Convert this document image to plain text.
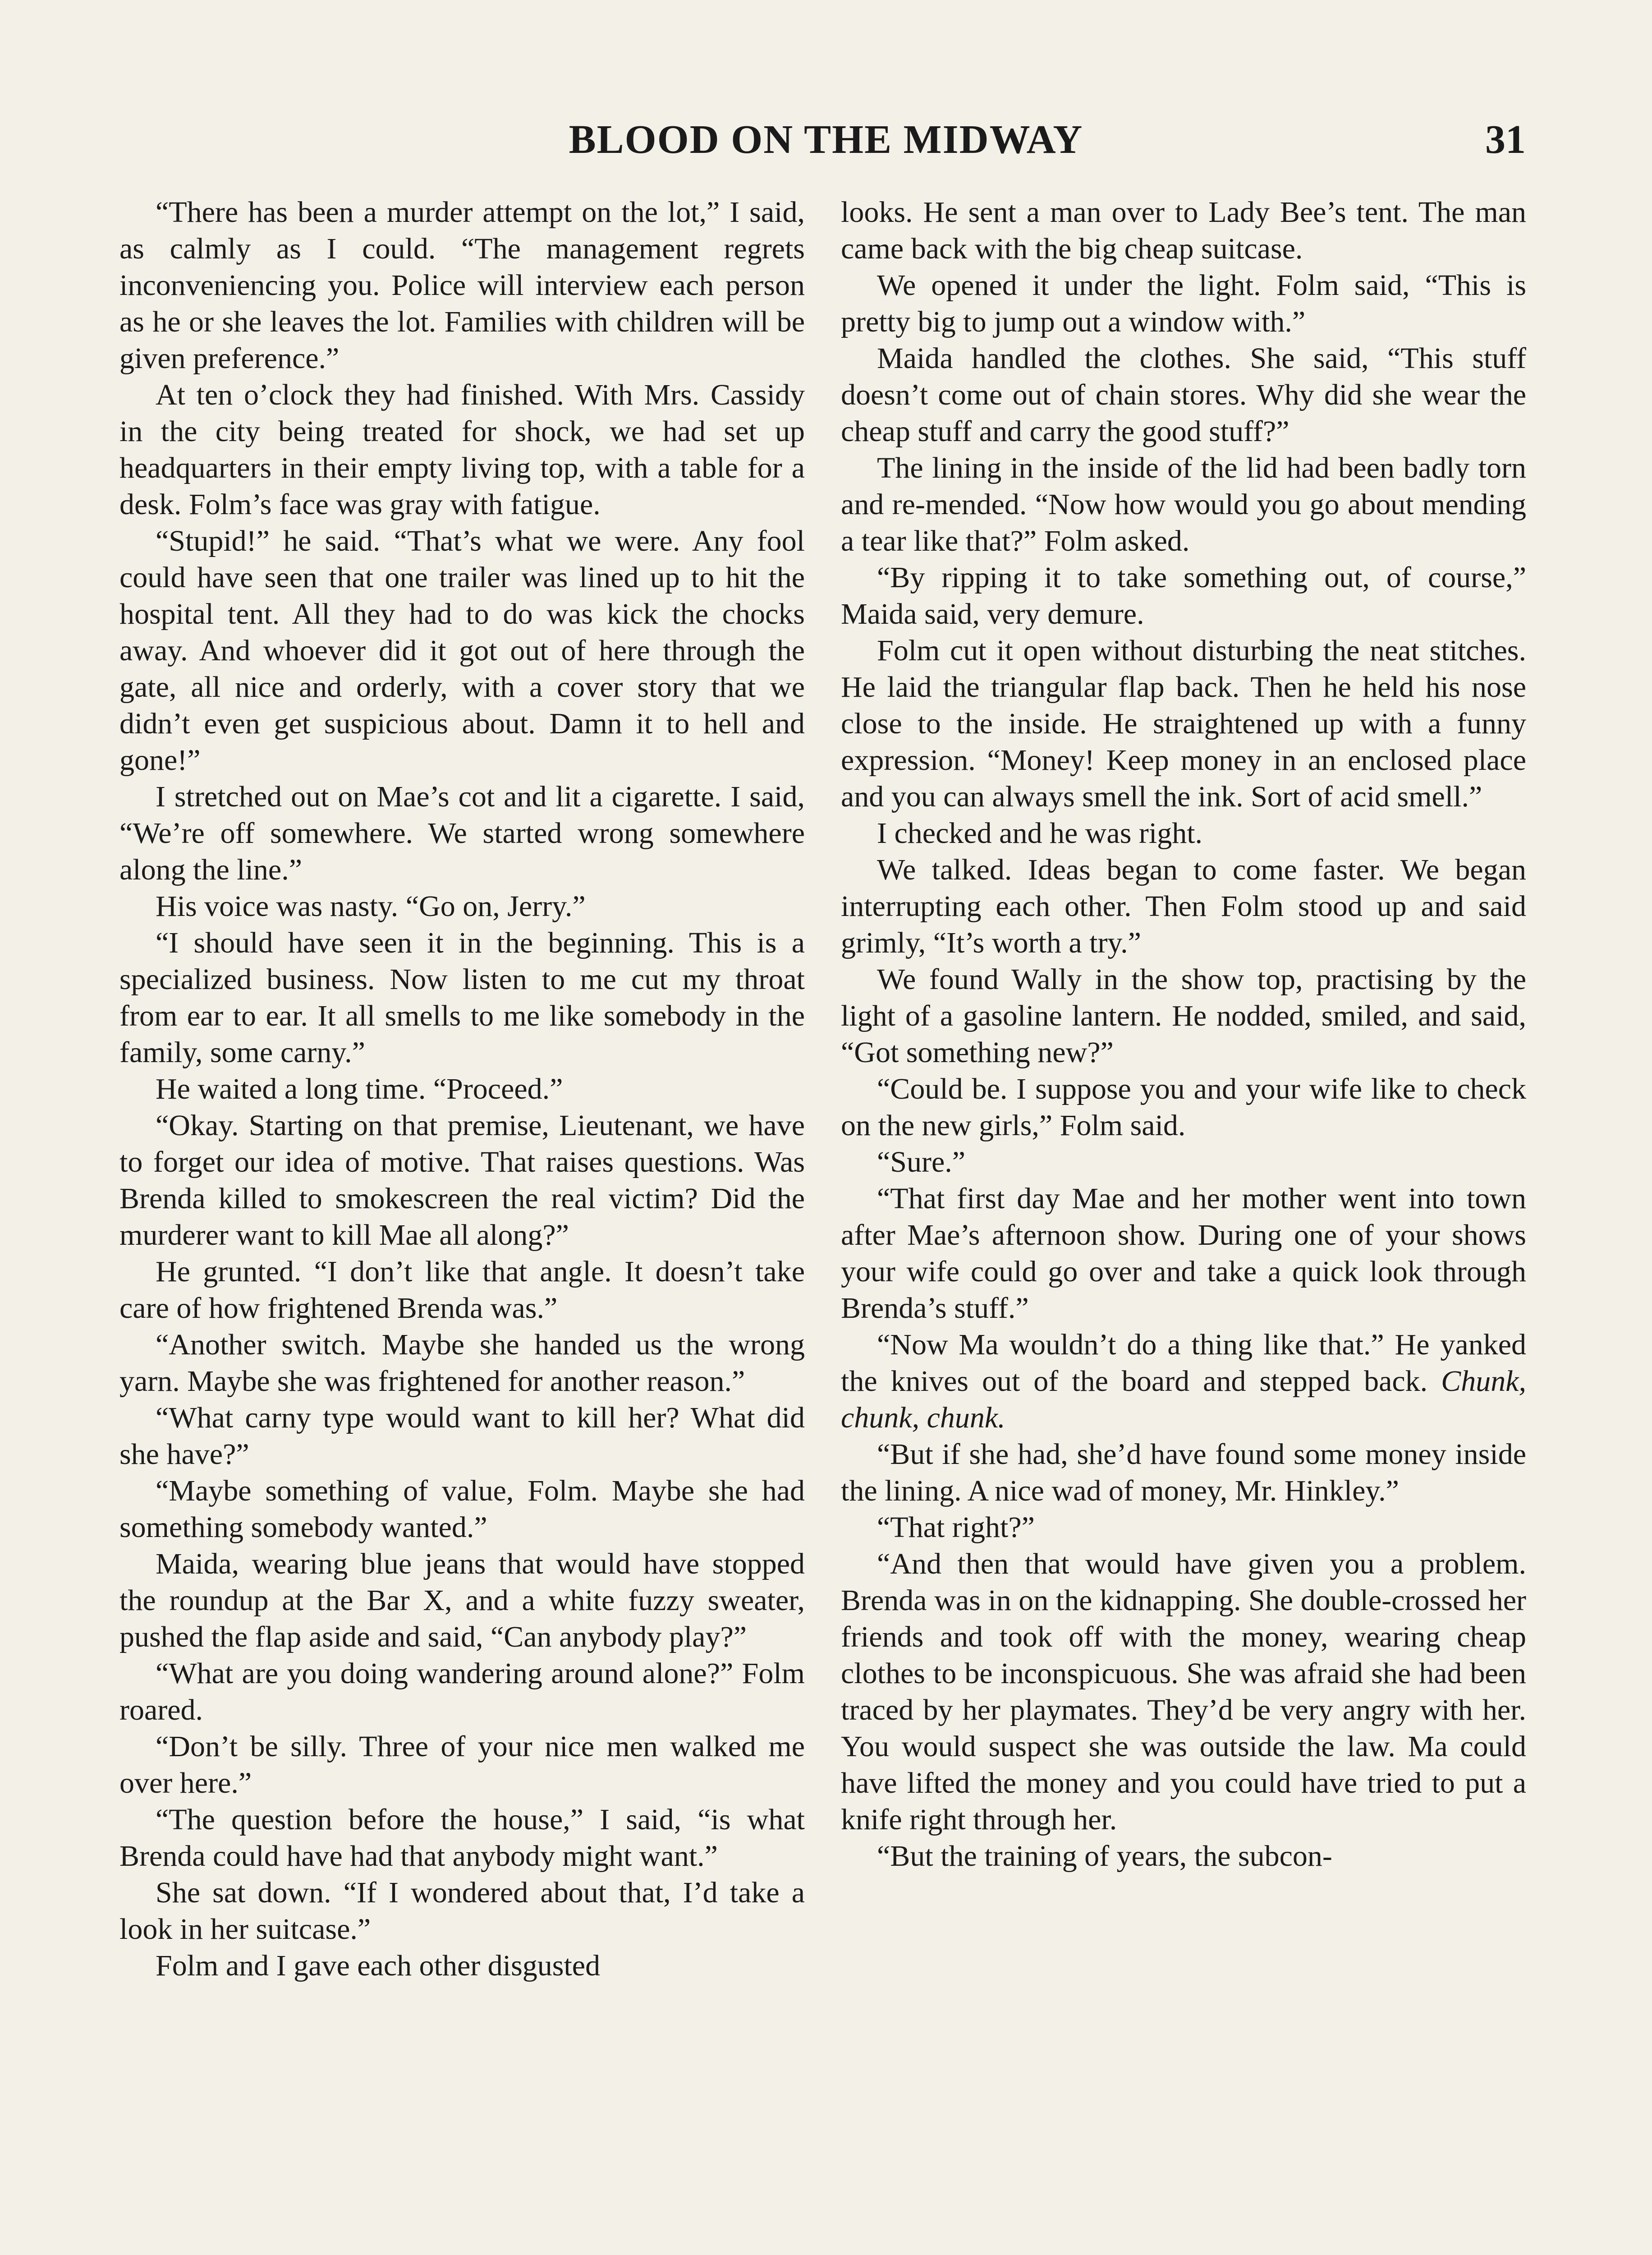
BLOOD ON THE MIDWAY	31

“There has been a murder attempt on the lot,” I said, as calmly as I could. “The management regrets inconveniencing you. Police will interview each person as he or she leaves the lot. Families with children will be given preference.”

At ten o’clock they had finished. With Mrs. Cassidy in the city being treated for shock, we had set up headquarters in their empty living top, with a table for a desk. Folm’s face was gray with fatigue.

“Stupid!” he said. “That’s what we were. Any fool could have seen that one trailer was lined up to hit the hospital tent. All they had to do was kick the chocks away. And whoever did it got out of here through the gate, all nice and orderly, with a cover story that we didn’t even get suspicious about. Damn it to hell and gone!”

I stretched out on Mae’s cot and lit a cigarette. I said, “We’re off somewhere. We started wrong somewhere along the line.”

His voice was nasty. “Go on, Jerry.”

“I should have seen it in the beginning. This is a specialized business. Now listen to me cut my throat from ear to ear. It all smells to me like somebody in the family, some carny.”

He waited a long time. “Proceed.”

“Okay. Starting on that premise, Lieutenant, we have to forget our idea of motive. That raises questions. Was Brenda killed to smokescreen the real victim? Did the murderer want to kill Mae all along?”

He grunted. “I don’t like that angle. It doesn’t take care of how frightened Brenda was.”

“Another switch. Maybe she handed us the wrong yarn. Maybe she was frightened for another reason.”

“What carny type would want to kill her? What did she have?”

“Maybe something of value, Folm. Maybe she had something somebody wanted.”

Maida, wearing blue jeans that would have stopped the roundup at the Bar X, and a white fuzzy sweater, pushed the flap aside and said, “Can anybody play?”

“What are you doing wandering around alone?” Folm roared.

“Don’t be silly. Three of your nice men walked me over here.”

“The question before the house,” I said, “is what Brenda could have had that anybody might want.”

She sat down. “If I wondered about that, I’d take a look in her suitcase.”

Folm and I gave each other disgusted

looks. He sent a man over to Lady Bee’s tent. The man came back with the big cheap suitcase.

We opened it under the light. Folm said, “This is pretty big to jump out a window with.”

Maida handled the clothes. She said, “This stuff doesn’t come out of chain stores. Why did she wear the cheap stuff and carry the good stuff?”

The lining in the inside of the lid had been badly torn and re-mended. “Now how would you go about mending a tear like that?” Folm asked.

“By ripping it to take something out, of course,” Maida said, very demure.

Folm cut it open without disturbing the neat stitches. He laid the triangular flap back. Then he held his nose close to the inside. He straightened up with a funny expression. “Money! Keep money in an enclosed place and you can always smell the ink. Sort of acid smell.”

I checked and he was right.

We talked. Ideas began to come faster. We began interrupting each other. Then Folm stood up and said grimly, “It’s worth a try.”

We found Wally in the show top, practising by the light of a gasoline lantern. He nodded, smiled, and said, “Got something new?”

“Could be. I suppose you and your wife like to check on the new girls,” Folm said.

“Sure.”

“That first day Mae and her mother went into town after Mae’s afternoon show. During one of your shows your wife could go over and take a quick look through Brenda’s stuff.”

“Now Ma wouldn’t do a thing like that.” He yanked the knives out of the board and stepped back. Chunk, chunk, chunk.

“But if she had, she’d have found some money inside the lining. A nice wad of money, Mr. Hinkley.”

“That right?”

“And then that would have given you a problem. Brenda was in on the kidnapping. She double-crossed her friends and took off with the money, wearing cheap clothes to be inconspicuous. She was afraid she had been traced by her playmates. They’d be very angry with her. You would suspect she was outside the law. Ma could have lifted the money and you could have tried to put a knife right through her.

“But the training of years, the subcon-
